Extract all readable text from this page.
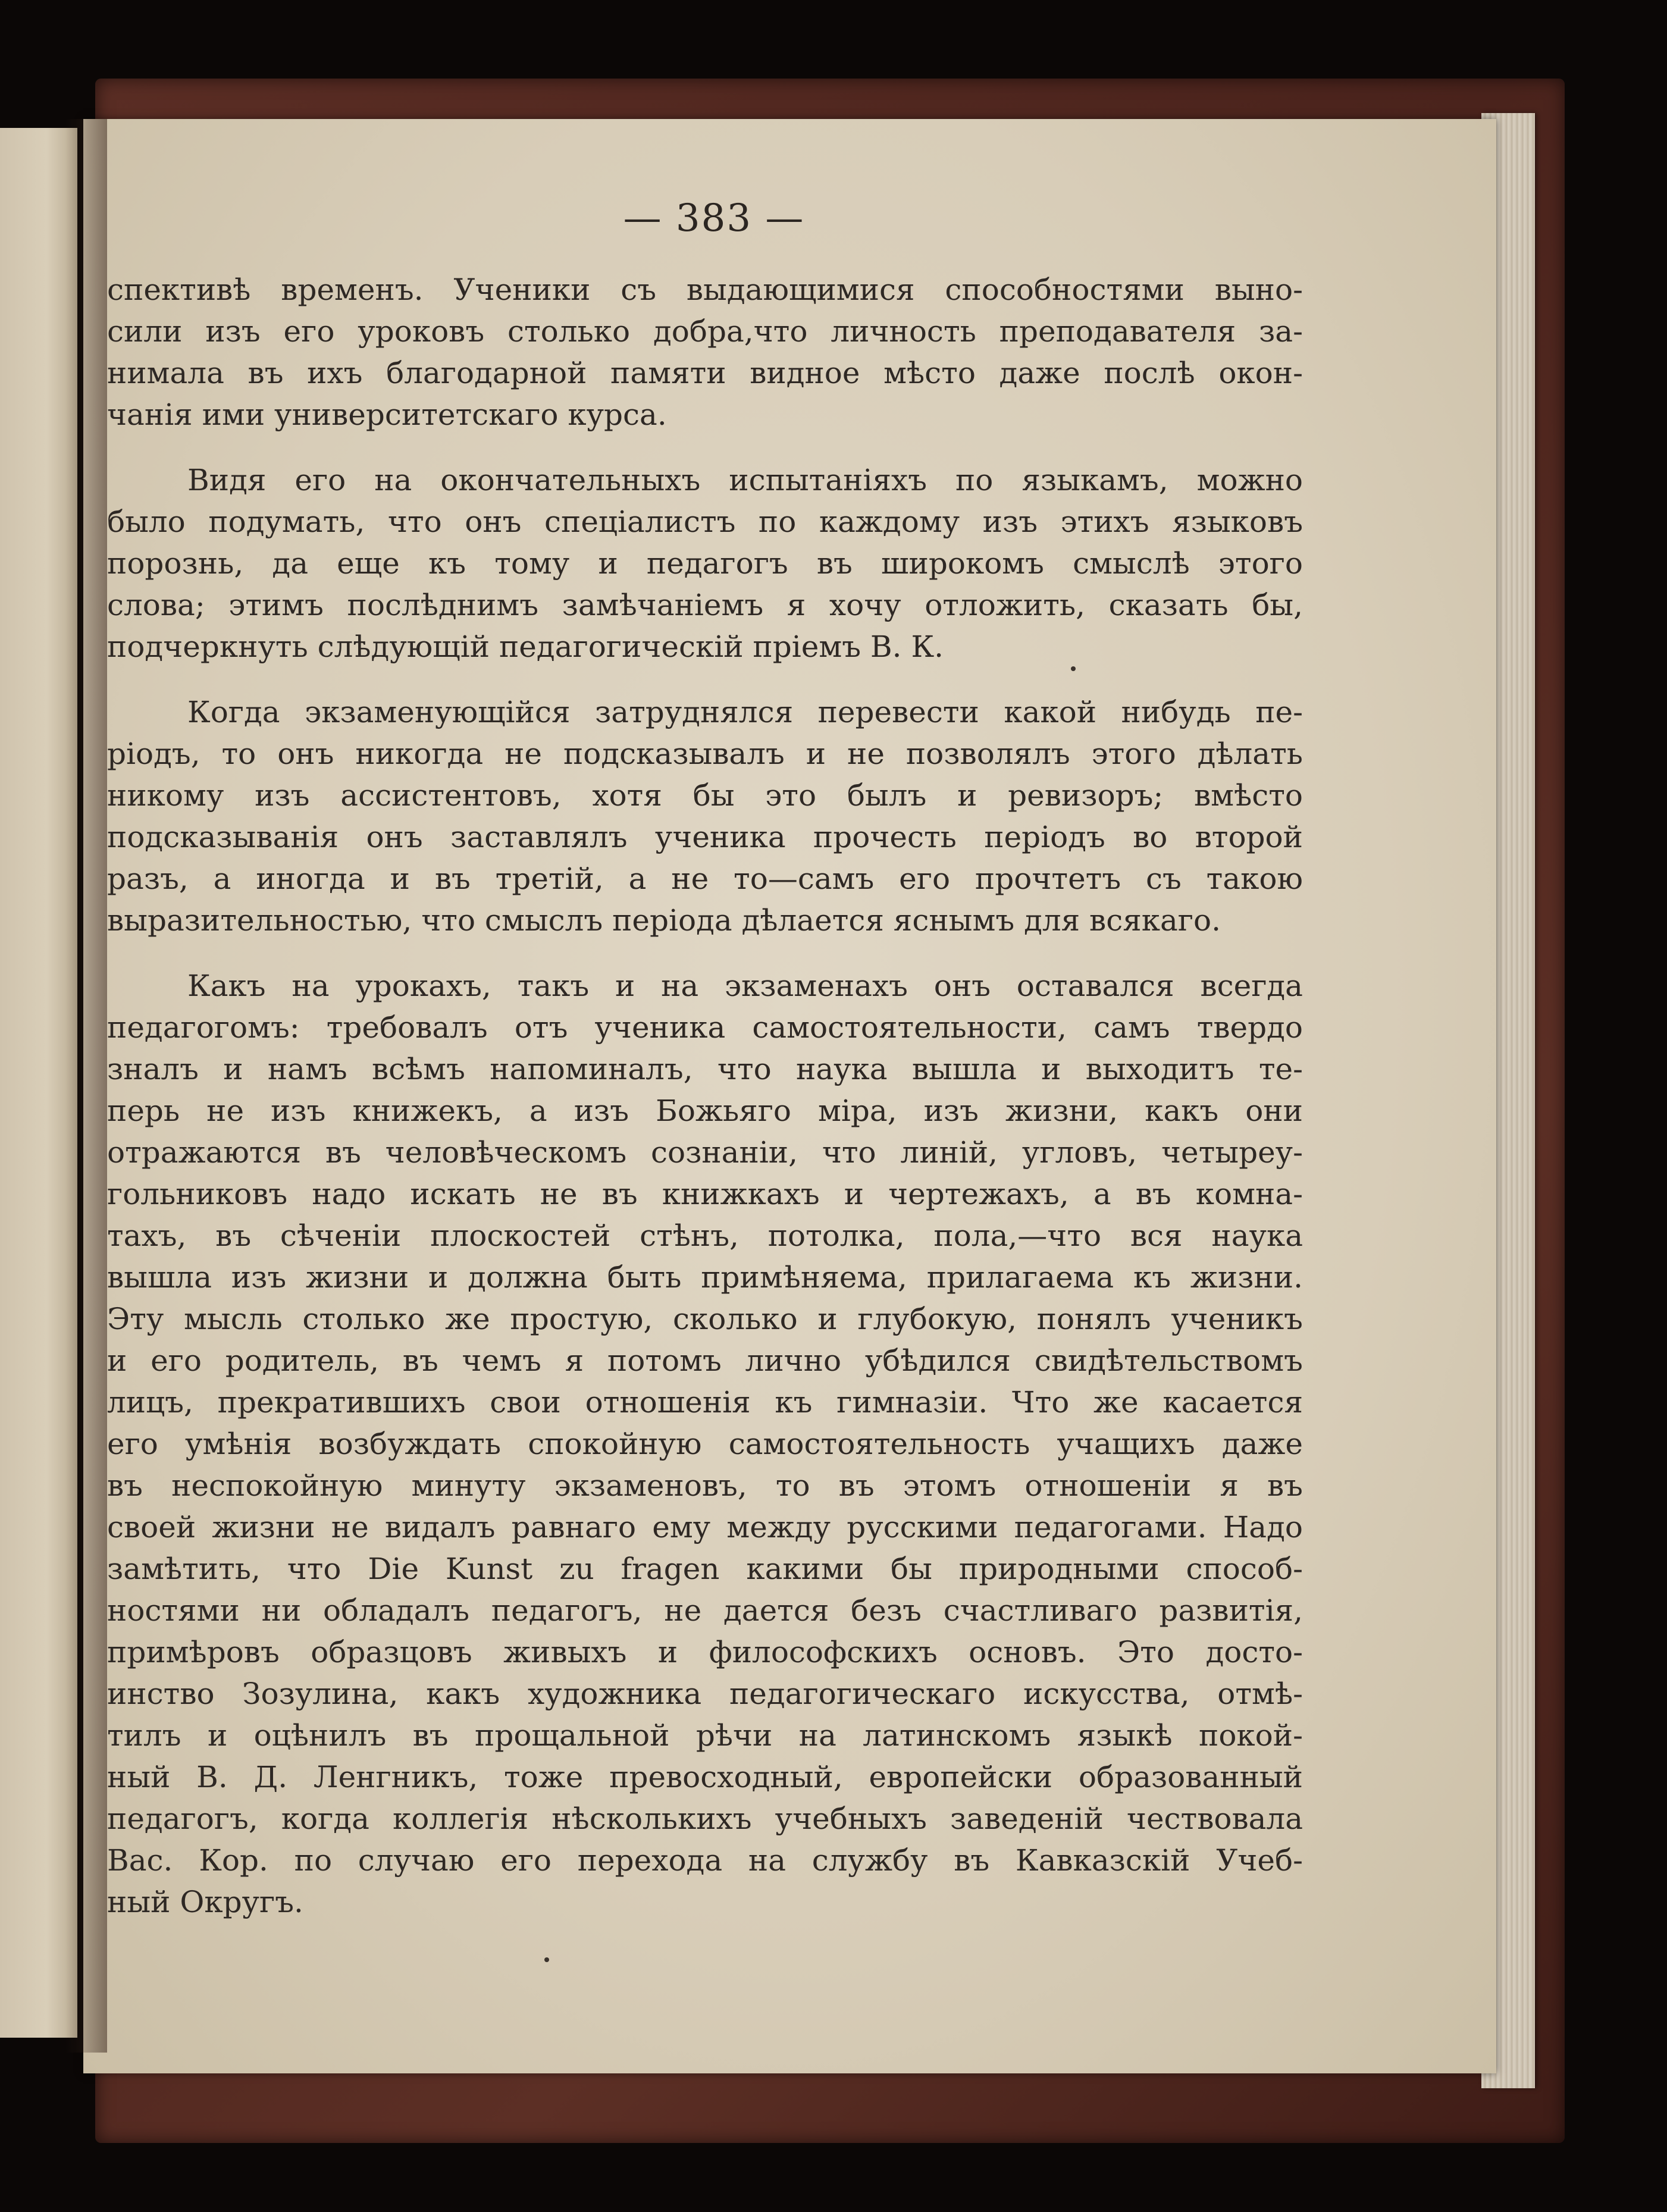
— 383 —
спективѣ временъ. Ученики съ выдающимися способностями выно-
сили изъ его уроковъ столько добра,что личность преподавателя за-
нимала въ ихъ благодарной памяти видное мѣсто даже послѣ окон-
чанія ими университетскаго курса.
Видя его на окончательныхъ испытаніяхъ по языкамъ, можно
было подумать, что онъ спеціалистъ по каждому изъ этихъ языковъ
порознь, да еще къ тому и педагогъ въ широкомъ смыслѣ этого
слова; этимъ послѣднимъ замѣчаніемъ я хочу отложить, сказать бы,
подчеркнуть слѣдующій педагогическій пріемъ В. К.
Когда экзаменующійся затруднялся перевести какой нибудь пе-
ріодъ, то онъ никогда не подсказывалъ и не позволялъ этого дѣлать
никому изъ ассистентовъ, хотя бы это былъ и ревизоръ; вмѣсто
подсказыванія онъ заставлялъ ученика прочесть періодъ во второй
разъ, а иногда и въ третій, а не то—самъ его прочтетъ съ такою
выразительностью, что смыслъ періода дѣлается яснымъ для всякаго.
Какъ на урокахъ, такъ и на экзаменахъ онъ оставался всегда
педагогомъ: требовалъ отъ ученика самостоятельности, самъ твердо
зналъ и намъ всѣмъ напоминалъ, что наука вышла и выходитъ те-
перь не изъ книжекъ, а изъ Божьяго міра, изъ жизни, какъ они
отражаются въ человѣческомъ сознаніи, что линій, угловъ, четыреу-
гольниковъ надо искать не въ книжкахъ и чертежахъ, а въ комна-
тахъ, въ сѣченіи плоскостей стѣнъ, потолка, пола,—что вся наука
вышла изъ жизни и должна быть примѣняема, прилагаема къ жизни.
Эту мысль столько же простую, сколько и глубокую, понялъ ученикъ
и его родитель, въ чемъ я потомъ лично убѣдился свидѣтельствомъ
лицъ, прекратившихъ свои отношенія къ гимназіи. Что же касается
его умѣнія возбуждать спокойную самостоятельность учащихъ даже
въ неспокойную минуту экзаменовъ, то въ этомъ отношеніи я въ
своей жизни не видалъ равнаго ему между русскими педагогами. Надо
замѣтить, что Die Kunst zu fragen какими бы природными способ-
ностями ни обладалъ педагогъ, не дается безъ счастливаго развитія,
примѣровъ образцовъ живыхъ и философскихъ основъ. Это досто-
инство Зозулина, какъ художника педагогическаго искусства, отмѣ-
тилъ и оцѣнилъ въ прощальной рѣчи на латинскомъ языкѣ покой-
ный В. Д. Ленгникъ, тоже превосходный, европейски образованный
педагогъ, когда коллегія нѣсколькихъ учебныхъ заведеній чествовала
Вас. Кор. по случаю его перехода на службу въ Кавказскій Учеб-
ный Округъ.
